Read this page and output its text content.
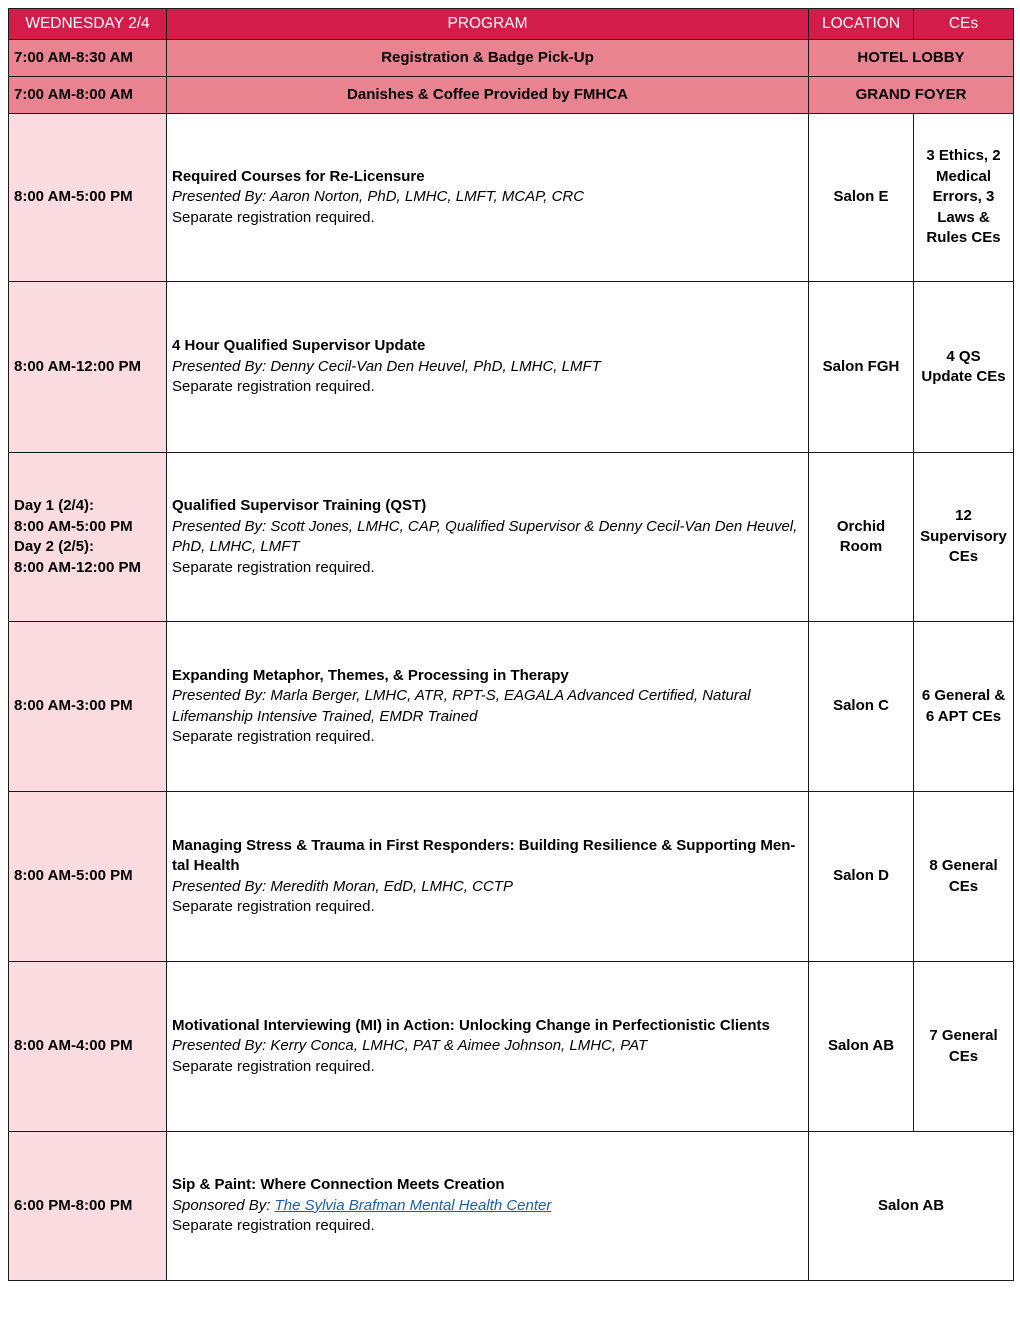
WEDNESDAY 2/4	PROGRAM	LOCATION	CEs
7:00 AM-8:30 AM	Registration & Badge Pick-Up	HOTEL LOBBY	
7:00 AM-8:00 AM	Danishes & Coffee Provided by FMHCA	GRAND FOYER	
8:00 AM-5:00 PM	Required Courses for Re-Licensure
Presented By: Aaron Norton, PhD, LMHC, LMFT, MCAP, CRC
Separate registration required.	Salon E	3 Ethics, 2 Medical Errors, 3 Laws & Rules CEs
8:00 AM-12:00 PM	4 Hour Qualified Supervisor Update
Presented By: Denny Cecil-Van Den Heuvel, PhD, LMHC, LMFT
Separate registration required.	Salon FGH	4 QS Update CEs

Day 1 (2/4):
8:00 AM-5:00 PM
Day 2 (2/5):
8:00 AM-12:00 PM	Qualified Supervisor Training (QST)
Presented By: Scott Jones, LMHC, CAP, Qualified Supervisor & Denny Cecil-Van Den Heuvel, PhD, LMHC, LMFT
Separate registration required.	Orchid Room	12 Supervisory CEs
8:00 AM-3:00 PM	Expanding Metaphor, Themes, & Processing in Therapy
Presented By: Marla Berger, LMHC, ATR, RPT-S, EAGALA Advanced Certified, Natural Lifemanship Intensive Trained, EMDR Trained
Separate registration required.	Salon C	6 General & 6 APT CEs
8:00 AM-5:00 PM	Managing Stress & Trauma in First Responders: Building Resilience & Supporting Men-tal Health
Presented By: Meredith Moran, EdD, LMHC, CCTP
Separate registration required.	Salon D	8 General CEs
8:00 AM-4:00 PM	Motivational Interviewing (MI) in Action: Unlocking Change in Perfectionistic Clients
Presented By: Kerry Conca, LMHC, PAT & Aimee Johnson, LMHC, PAT
Separate registration required.	Salon AB	7 General CEs
6:00 PM-8:00 PM	Sip & Paint: Where Connection Meets Creation
Sponsored By: The Sylvia Brafman Mental Health Center
Separate registration required.	Salon AB	
